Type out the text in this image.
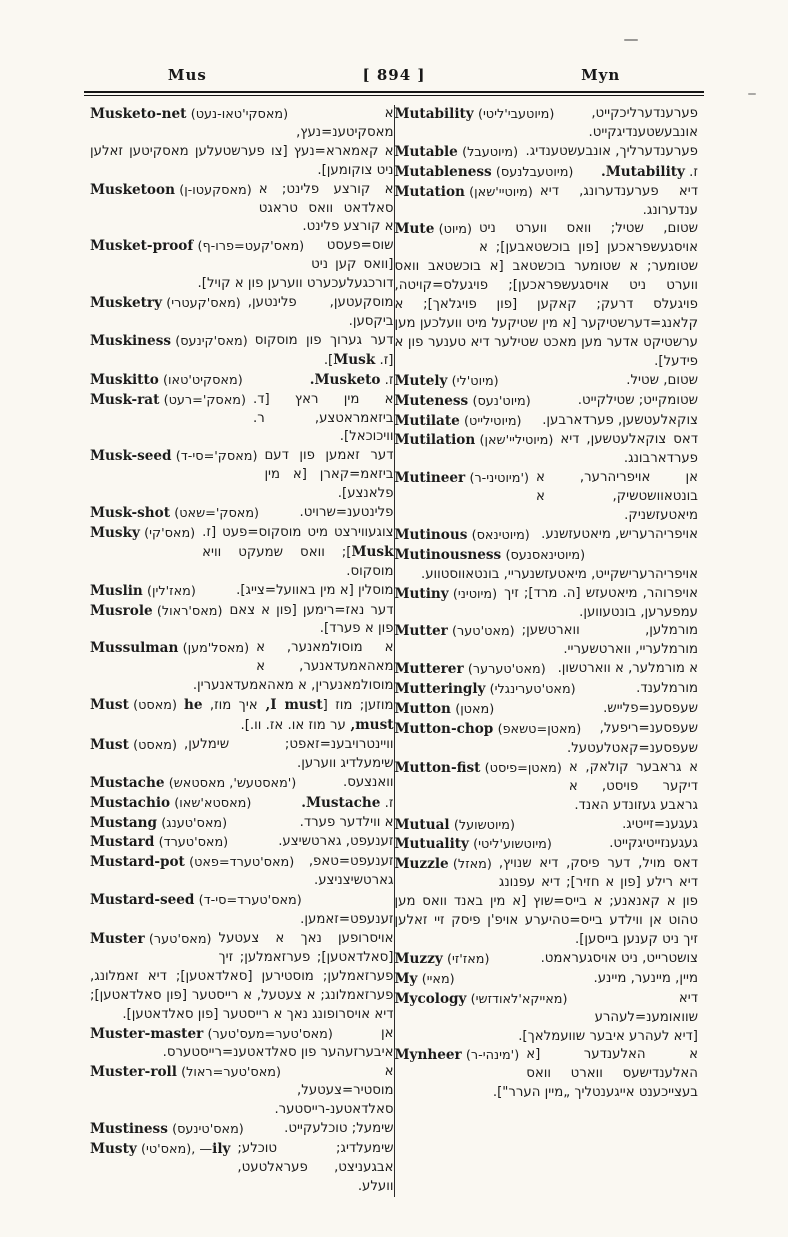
Mus	[ 894 ]	Myn
Musketo-net (מאסקי'טאו-נעט)	א מאסקיטענ=נעץ, א קאמארא=נעץ [צו פערשטעלען מאסקיטען זאלען ניט צוקומען].
Musketoon (מאסקעטו-ן) א קורצע פלינט; א סאלדאט וואס טראגט א קורצע פלינט.
Musket-proof (מאס'קעט=פרו-ף) שוס=פעסט [וואס קען ניט דורכגעלעכערט ווערען פון א קויל].
Musketry (מאס'קעטרי) מוסקעטען, פלינטען, ביקסען.
Muskiness (מאס'קינעס) דער גערוך פון מוסקוס [ז. Musk].
Muskitto (מאסקיט'טאו)	ז. Musketo.
Musk-rat (מאסק'=רעט) א מין ראץ [ד. ביזאמראטצע, ר. וויכוכאל].
Musk-seed (מאסק'=סי-ד) דער זאמען פון דעם ביזאמ=קארן [א מין פלאנצע].
Musk-shot (מאסק'=שאט)	פלינטענ=שרויט.
Musky (מאס'קי) צוגעווירצט מיט מוסקוס=פעט [ז. Musk]; וואס שמעקט וויא מוסקוס.
Muslin (מאז'לין)	מוסלין [א מין באוועל=צייג].
Musrole (מאס'ראול) דער נאז=רימען [פון א צאם פון א פערד].
Mussulman (מאסל'מען) א מוסולמאנער, א מאהאמעדאנער, א מוסולמאנערין, א מאהאמעדאנערין.
Must (מאסט)	מוזען; מוז [I must, איך מוז, he must, ער מוז או. אז. וו.].
Must (מאסט) וויינטרויבענ=זאפט; שימלען, שימעלדיג ווערען.
Mustache (מאסטעש', מאסטאש')	וואנצעס.
Mustachio (מאסטא'שאו)	ז. Mustache.
Mustang (מאס'טענג)	א ווילדער פערד.
Mustard (מאס'טערד)	זענעפט, גארטשיצע.
Mustard-pot (מאס'טערד=פאט) זענעפט=טאפ, גארטשיצניצע.
Mustard-seed (מאס'טערד=סי-ד)
זענעפט=זאמען.
Muster (מאס'טער) אויסרופען נאך א צעטעל [סאלדאטען]; פערזאמלען; זיך פערזאמלען; מוסטירען [סאלדאטען]; דיא זאמלונג, פערזאמלונג; א צעטעל, א רייסטער [פון סאלדאטען]; דיא אויסרופונג נאך א רייסטער [פון סאלדאטען].
Muster-master (מאס'טער=מעס'טער)	אן איבערזעהער פון סאלדאטענ=רייסטערס.
Muster-roll (מאס'טער=ראול)	א מוסטיר=צעטעל, סאלדאטענ-רייסטער.
Mustiness (מאס'טינעס)	שימעל; טוכלעקייט.
Musty (מאס'טי), —ily שימעלדיג; טוכלע; אבגעניצט, פעראלטעט, וועלע.
Mutability (מיוטעבי'ליטי)	פערענדערליכקייט, אונבעשטענדיגקייט.
Mutable (מיוטעבל) פערענדערליך, אונבעשטענדיג.
Mutableness (מיוטעבלנעס)	ז. Mutability.
Mutation (מיוטיי'שאן) דיא פערענדערונג, דיא ענדערונג.
Mute (מיוט) שטום, שטיל; וואס ווערט ניט אויסגעשפראכען [פון בוכשטאבען]; א שטומער; א שטומער בוכשטאב [א בוכשטאב וואס ווערט ניט אויסגעשפראכען]; פויגעלס=קויטה, פויגעלס דרעק; קאקען [פון פויגלאך]; א קלאנג=דערשטיקער [א מין שטיקעל מיט וועלכען מען ערשטיקט אדער מען מאכט שטילער דיא טענער פון א פידעל].
Mutely (מיוט'לי)	שטום, שטיל.
Muteness (מיוט'נעס)	שטומקייט; שטילקייט.
Mutilate (מיוטילייט) צוקאלעטשען, פערדארבען.
Mutilation (מיוטיליי'שאן) דאס צוקאלעטשען, דיא פערדארבונג.
Mutineer (מיוטיני-ר') אן אויפריהרער, א בונטאוושטשיק, א מיאטעזשניק.
Mutinous (מיוטינאס) אויפריהרעריש, מיאטעזשנע.
Mutinousness (מיוטינאסנעס)
אויפריהרערישקייט, מיאטעזשנעריי, בונטאווסטווע.
Mutiny (מיוטיני) אויפרוהר, מיאטעזש [ה. מרד]; זיך עמפערען, בונטעווען.
Mutter (מאט'טער) מורמלען, ווארטשען; מורמלעריי, ווארטשעריי.
Mutterer (מאט'טערער) א מורמלער, א ווארטשון.
Mutteringly (מאט'טערינגלי)	מורמלענד.
Mutton (מאטן)	שעפסענ=פלייש.
Mutton-chop (מאטן=טשאפ) שעפסענ=ריפעל, שעפסענ=קאטלעטעל.
Mutton-fist (מאטן=פיסט) א גראבער קולאק, א דיקער פויסט, א גראבע געזונדע האנד.
Mutual (מיוטשועל)	געגענ=זייטיג.
Mutuality (מיוטשוע'ליטי)	געגענזייטיגקייט.
Muzzle (מאזל) דאס מויל, דער פיסק, דיא שנויץ, דיא רילע [פון א חזיר]; דיא עפנונג פון א קאנאנע; א בייס=שוץ [א מין באנד וואס מען טהוט אן ווילדע בייס=טהיערע אויפ'ן פיסק זיי זאלען זיך ניט קענען בייסען].
Muzzy (מאז'זי)	צושטרייט, ניט אויסגעראמט.
My (מאיי)	מיין, מיינער, מיינע.
Mycology (מאייקא'לאודזשי)	דיא שוואומענ=לעהרע [דיא לעהרע איבער שוועמלאך].
Mynheer (מינהי-ר') א האלענדער [א האלענדישעס ווארט וואס בעצייכענט אייגענטליך „מיין הערר"].
